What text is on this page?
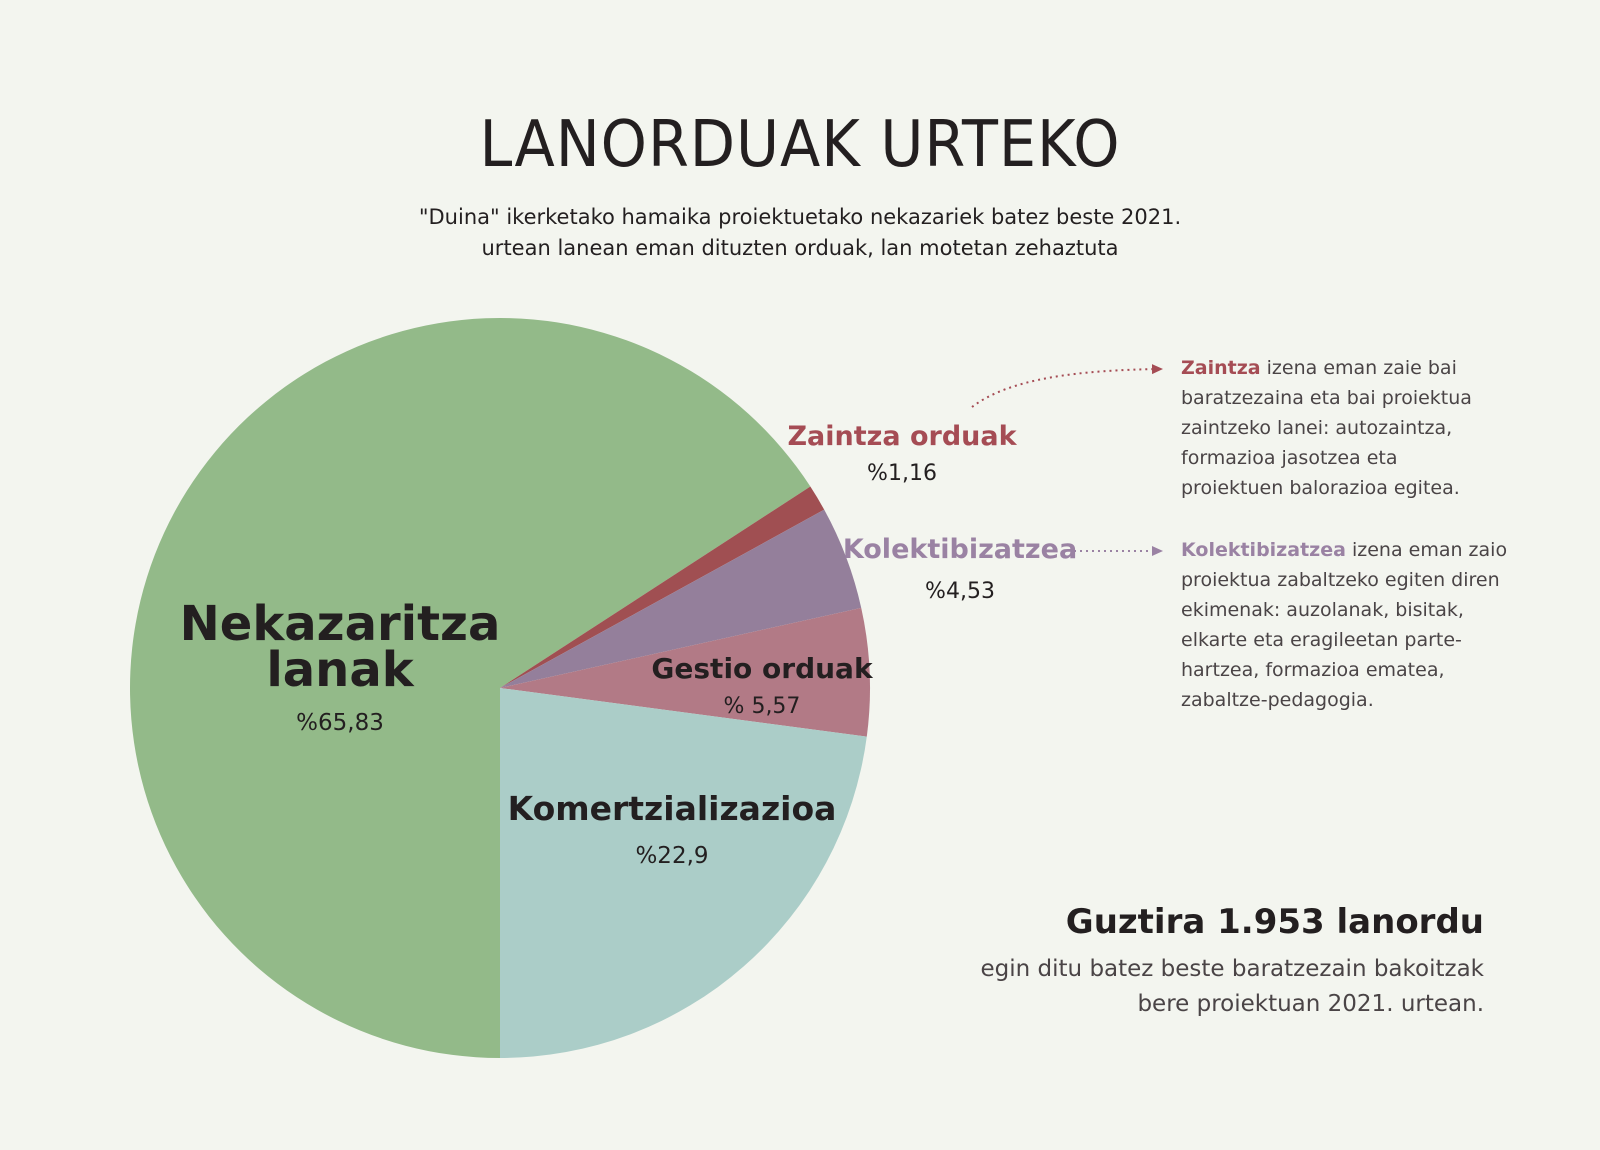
LANORDUAK URTEKO
"Duina" ikerketako hamaika proiektuetako nekazariek batez beste 2021. urtean lanean eman dituzten orduak, lan motetan zehaztuta
Nekazaritza
lanak
%65,83
Zaintza orduak
%1,16
Kolektibizatzea
%4,53
Gestio orduak
% 5,57
Komertzializazioa
%22,9
Zaintza izena eman zaie bai baratzezaina eta bai proiektua zaintzeko lanei: autozaintza, formazioa jasotzea eta proiektuen balorazioa egitea.
Kolektibizatzea izena eman zaio proiektua zabaltzeko egiten diren ekimenak: auzolanak, bisitak, elkarte eta eragileetan parte-hartzea, formazioa ematea, zabaltze-pedagogia.
Guztira 1.953 lanordu
egin ditu batez beste baratzezain bakoitzak bere proiektuan 2021. urtean.
